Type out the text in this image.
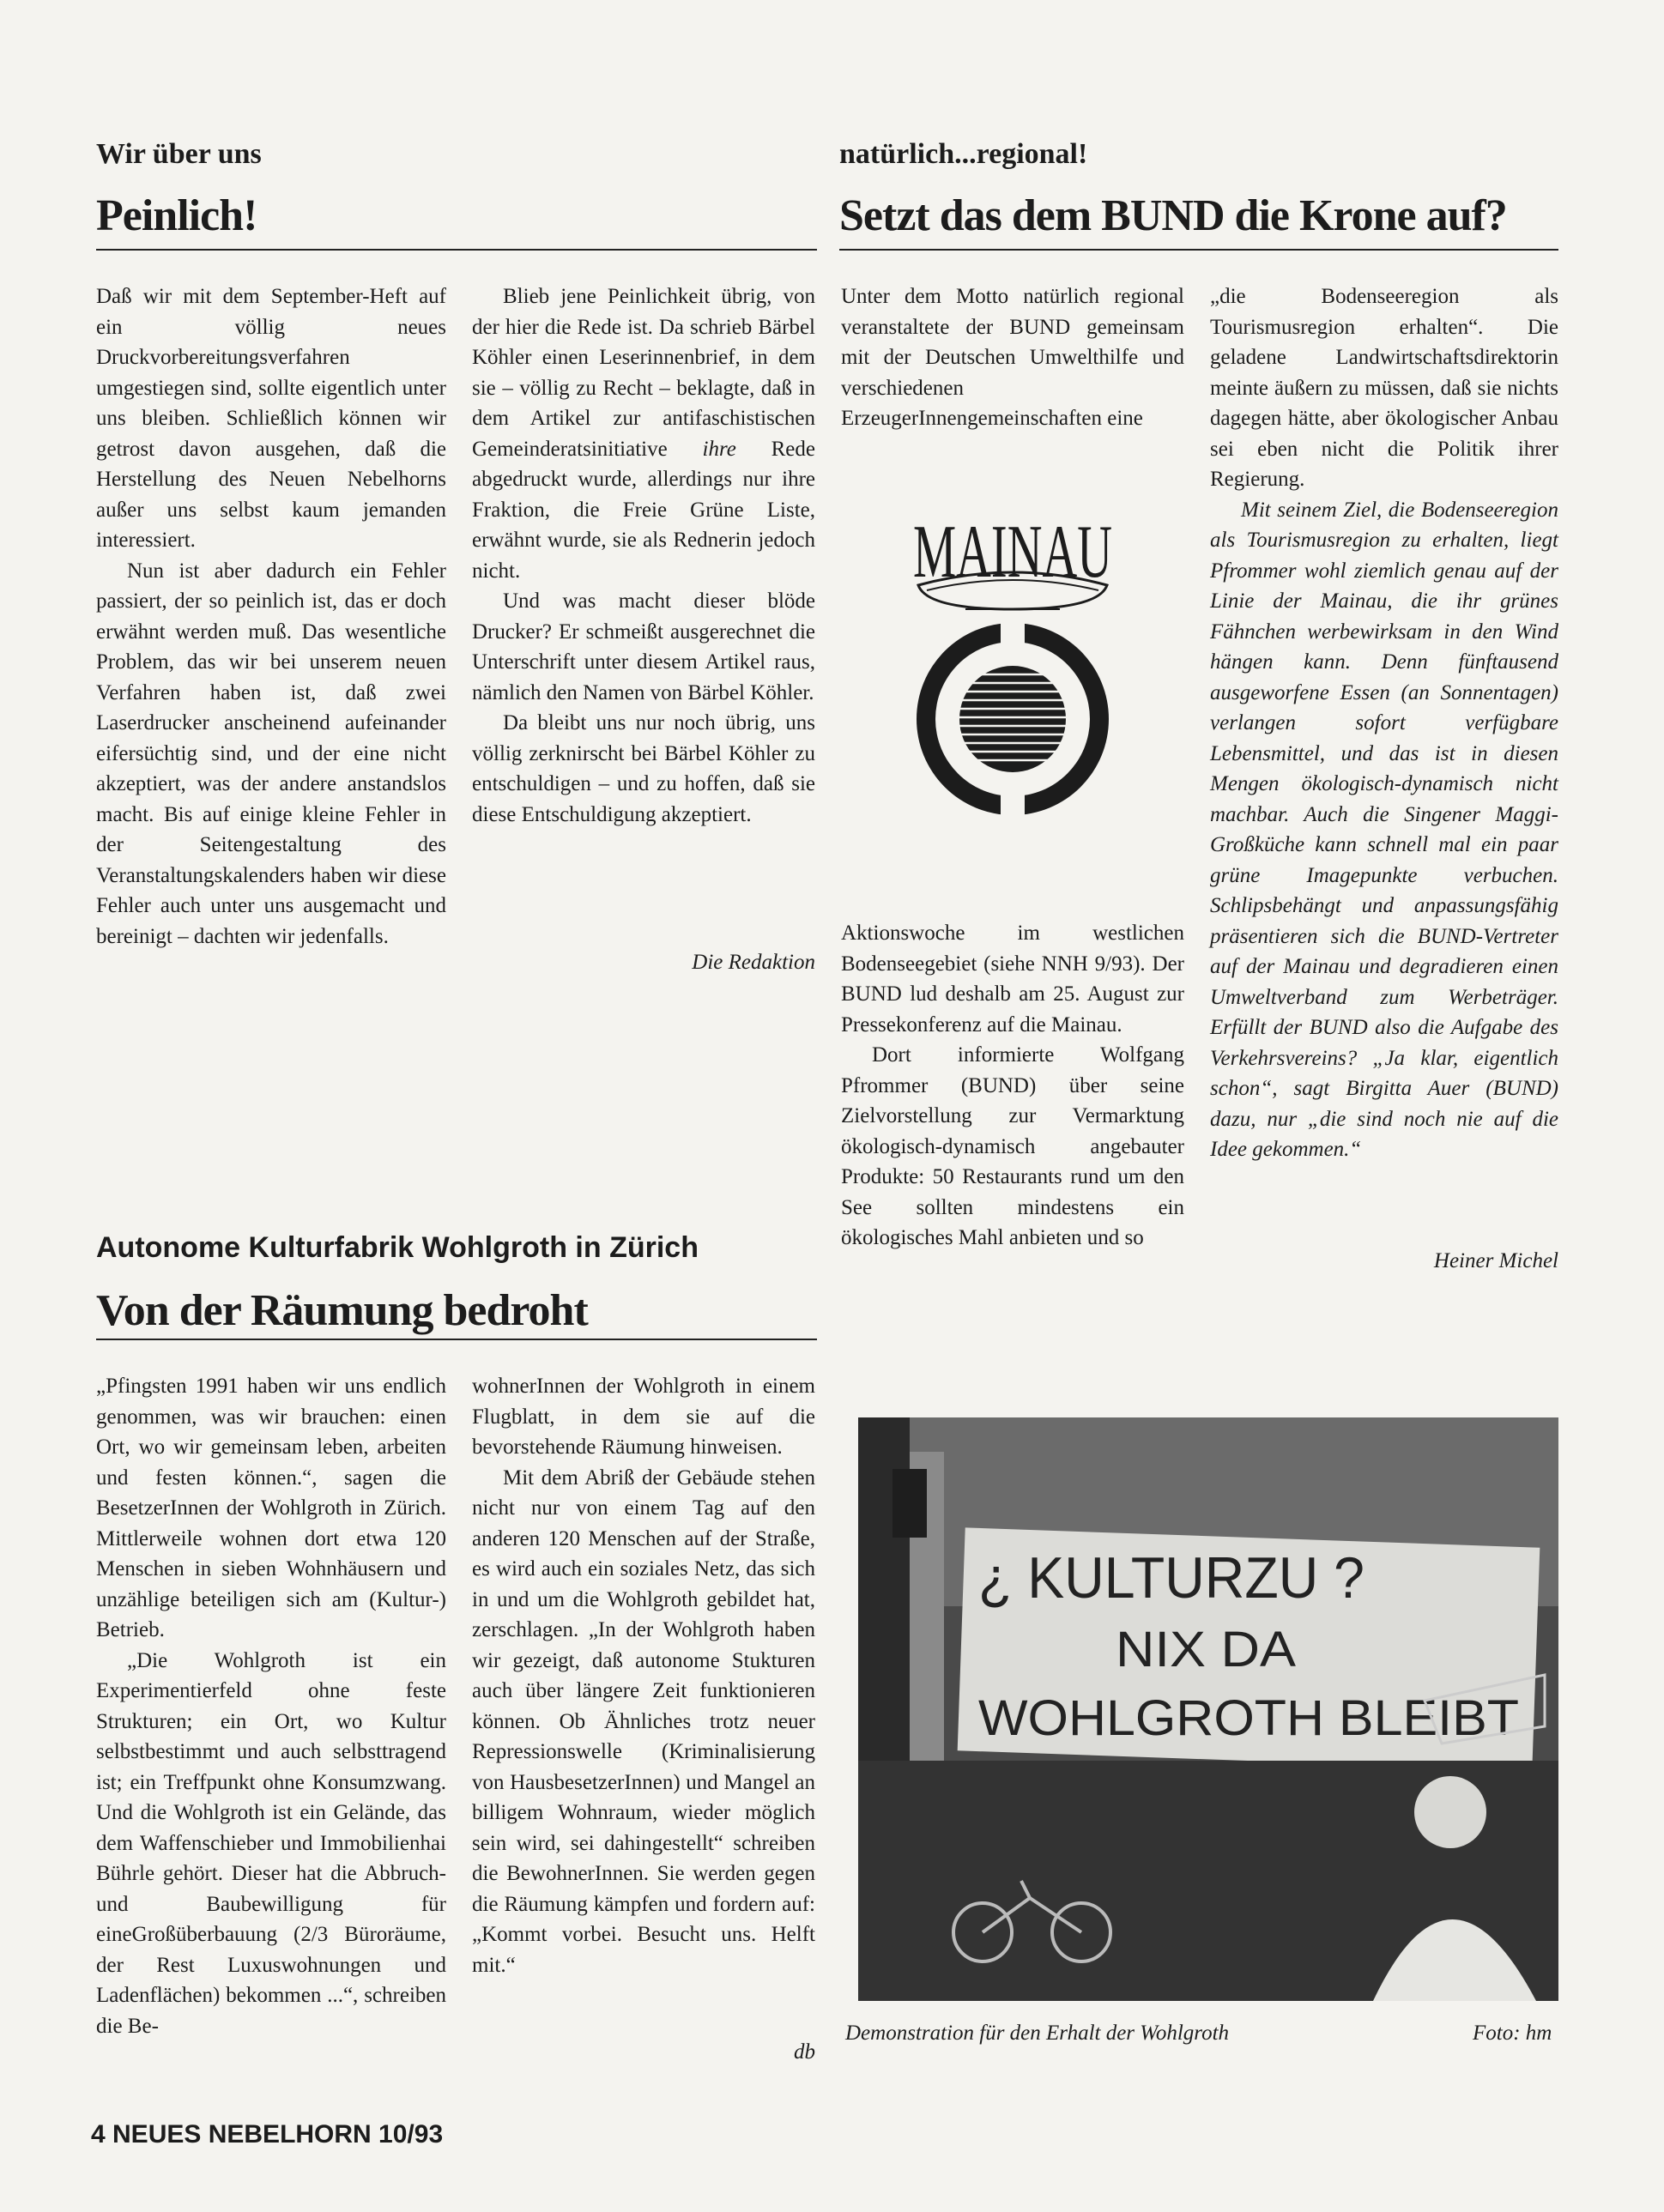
Wir über uns
Peinlich!

Daß wir mit dem September-Heft auf ein völlig neues Druckvorbereitungsverfahren umgestiegen sind, sollte eigentlich unter uns bleiben. Schließlich können wir getrost davon ausgehen, daß die Herstellung des Neuen Nebelhorns außer uns selbst kaum jemanden interessiert.

Nun ist aber dadurch ein Fehler passiert, der so peinlich ist, das er doch erwähnt werden muß. Das wesentliche Problem, das wir bei unserem neuen Verfahren haben ist, daß zwei Laserdrucker anscheinend aufeinander eifersüchtig sind, und der eine nicht akzeptiert, was der andere anstandslos macht. Bis auf einige kleine Fehler in der Seitengestaltung des Veranstaltungskalenders haben wir diese Fehler auch unter uns ausgemacht und bereinigt – dachten wir jedenfalls.

Blieb jene Peinlichkeit übrig, von der hier die Rede ist. Da schrieb Bärbel Köhler einen Leserinnenbrief, in dem sie – völlig zu Recht – beklagte, daß in dem Artikel zur antifaschistischen Gemeinderatsinitiative ihre Rede abgedruckt wurde, allerdings nur ihre Fraktion, die Freie Grüne Liste, erwähnt wurde, sie als Rednerin jedoch nicht.

Und was macht dieser blöde Drucker? Er schmeißt ausgerechnet die Unterschrift unter diesem Artikel raus, nämlich den Namen von Bärbel Köhler.

Da bleibt uns nur noch übrig, uns völlig zerknirscht bei Bärbel Köhler zu entschuldigen – und zu hoffen, daß sie diese Entschuldigung akzeptiert.

Die Redaktion
natürlich...regional!
Setzt das dem BUND die Krone auf?

Unter dem Motto natürlich regional veranstaltete der BUND gemeinsam mit der Deutschen Umwelthilfe und verschiedenen ErzeugerInnengemeinschaften eine

MAINAU

Aktionswoche im westlichen Bodenseegebiet (siehe NNH 9/93). Der BUND lud deshalb am 25. August zur Pressekonferenz auf die Mainau.

Dort informierte Wolfgang Pfrommer (BUND) über seine Zielvorstellung zur Vermarktung ökologisch-dynamisch angebauter Produkte: 50 Restaurants rund um den See sollten mindestens ein ökologisches Mahl anbieten und so

„die Bodenseeregion als Tourismusregion erhalten“. Die geladene Landwirtschaftsdirektorin meinte äußern zu müssen, daß sie nichts dagegen hätte, aber ökologischer Anbau sei eben nicht die Politik ihrer Regierung.

Mit seinem Ziel, die Bodenseeregion als Tourismusregion zu erhalten, liegt Pfrommer wohl ziemlich genau auf der Linie der Mainau, die ihr grünes Fähnchen werbewirksam in den Wind hängen kann. Denn fünftausend ausgeworfene Essen (an Sonnentagen) verlangen sofort verfügbare Lebensmittel, und das ist in diesen Mengen ökologisch-dynamisch nicht machbar. Auch die Singener Maggi-Großküche kann schnell mal ein paar grüne Imagepunkte verbuchen. Schlipsbehängt und anpassungsfähig präsentieren sich die BUND-Vertreter auf der Mainau und degradieren einen Umweltverband zum Werbeträger. Erfüllt der BUND also die Aufgabe des Verkehrsvereins? „Ja klar, eigentlich schon“, sagt Birgitta Auer (BUND) dazu, nur „die sind noch nie auf die Idee gekommen.“

Heiner Michel
Autonome Kulturfabrik Wohlgroth in Zürich
Von der Räumung bedroht

„Pfingsten 1991 haben wir uns endlich genommen, was wir brauchen: einen Ort, wo wir gemeinsam leben, arbeiten und festen können.“, sagen die BesetzerInnen der Wohlgroth in Zürich. Mittlerweile wohnen dort etwa 120 Menschen in sieben Wohnhäusern und unzählige beteiligen sich am (Kultur-) Betrieb.

„Die Wohlgroth ist ein Experimentierfeld ohne feste Strukturen; ein Ort, wo Kultur selbstbestimmt und auch selbsttragend ist; ein Treffpunkt ohne Konsumzwang. Und die Wohlgroth ist ein Gelände, das dem Waffenschieber und Immobilienhai Bührle gehört. Dieser hat die Abbruch- und Baubewilligung für eineGroßüberbauung (2/3 Büroräume, der Rest Luxuswohnungen und Ladenflächen) bekommen ...“, schreiben die Be-

wohnerInnen der Wohlgroth in einem Flugblatt, in dem sie auf die bevorstehende Räumung hinweisen.

Mit dem Abriß der Gebäude stehen nicht nur von einem Tag auf den anderen 120 Menschen auf der Straße, es wird auch ein soziales Netz, das sich in und um die Wohlgroth gebildet hat, zerschlagen. „In der Wohlgroth haben wir gezeigt, daß autonome Stukturen auch über längere Zeit funktionieren können. Ob Ähnliches trotz neuer Repressionswelle (Kriminalisierung von HausbesetzerInnen) und Mangel an billigem Wohnraum, wieder möglich sein wird, sei dahingestellt“ schreiben die BewohnerInnen. Sie werden gegen die Räumung kämpfen und fordern auf: „Kommt vorbei. Besucht uns. Helft mit.“

db
¿ KULTURZU ?
NIX DA
WOHLGROTH BLEIBT
Demonstration für den Erhalt der Wohlgroth	Foto: hm
4 NEUES NEBELHORN 10/93
